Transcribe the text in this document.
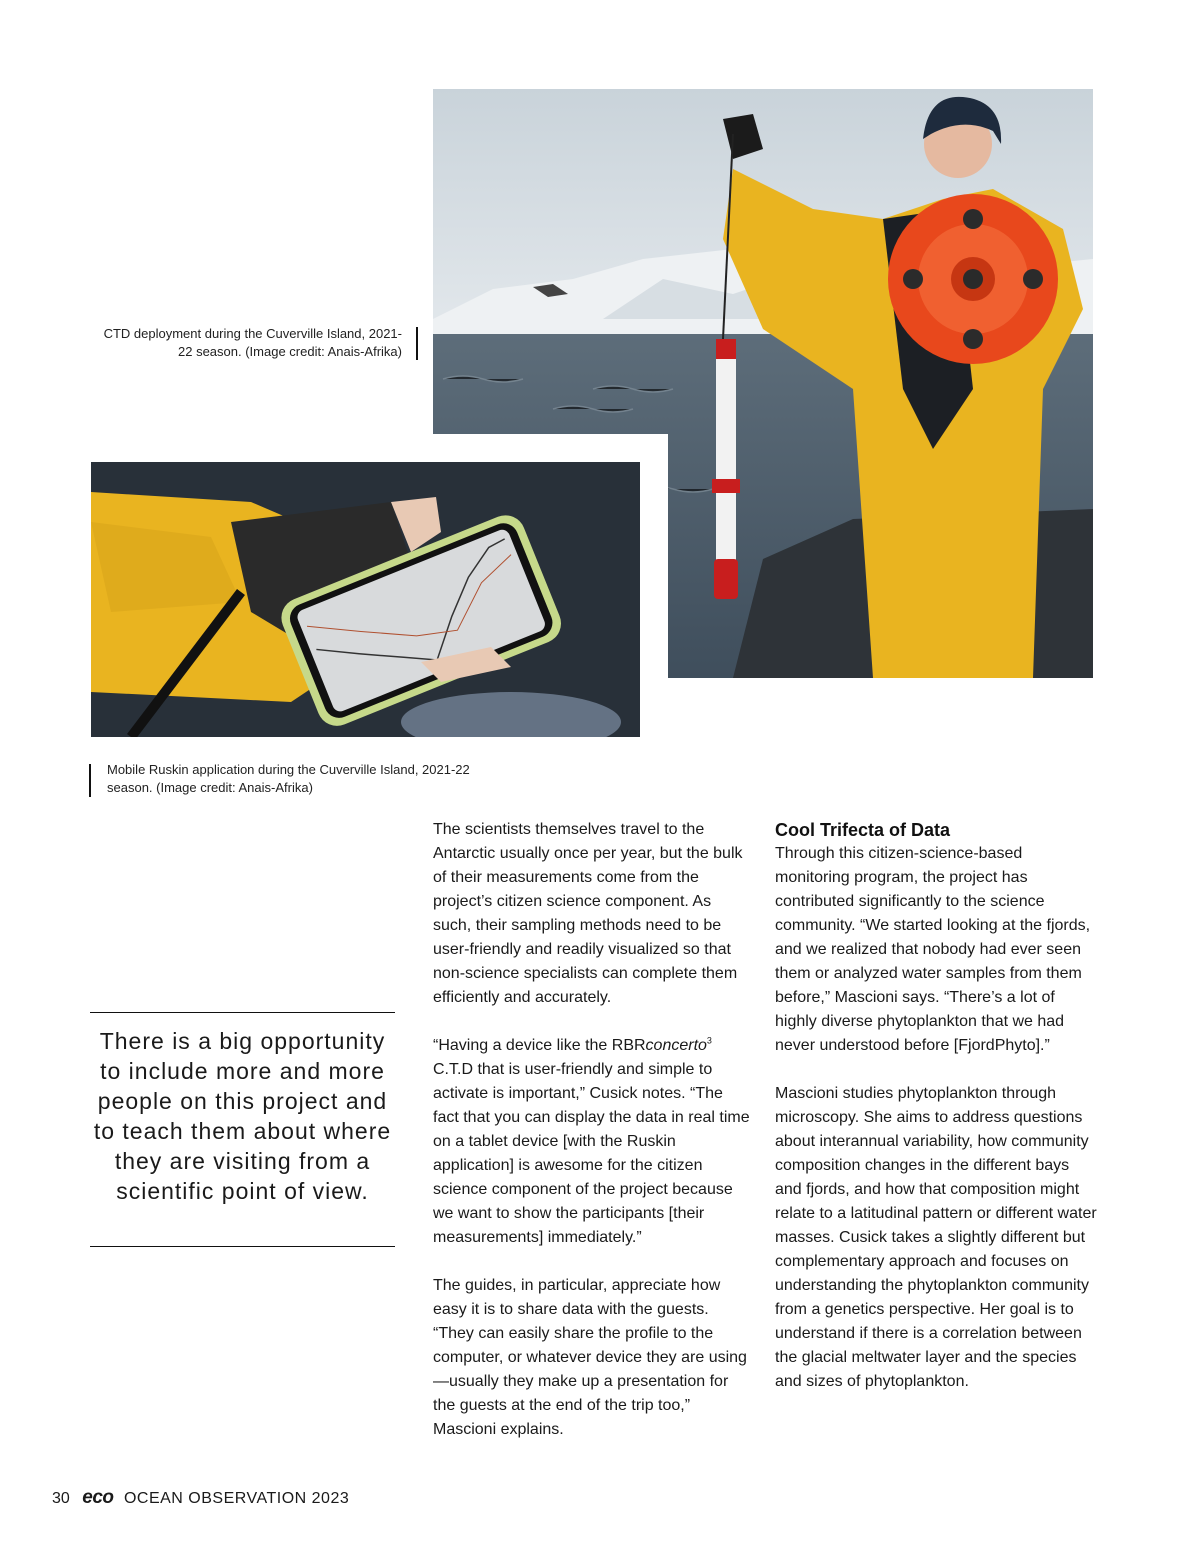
CTD deployment during the Cuverville Island, 2021-22 season. (Image credit: Anais-Afrika)
Mobile Ruskin application during the Cuverville Island, 2021-22 season. (Image credit: Anais-Afrika)
There is a big opportunity to include more and more people on this project and to teach them about where they are visiting from a scientific point of view.

The scientists themselves travel to the Antarctic usually once per year, but the bulk of their measurements come from the project’s citizen science component. As such, their sampling methods need to be user-friendly and readily visualized so that non-science specialists can complete them efficiently and accurately.

“Having a device like the RBRconcerto$^3$ C.T.D that is user-friendly and simple to activate is important,” Cusick notes. “The fact that you can display the data in real time on a tablet device [with the Ruskin application] is awesome for the citizen science component of the project because we want to show the participants [their measurements] immediately.”

The guides, in particular, appreciate how easy it is to share data with the guests. “They can easily share the profile to the computer, or whatever device they are using—usually they make up a presentation for the guests at the end of the trip too,” Mascioni explains.

Cool Trifecta of Data

Through this citizen-science-based monitoring program, the project has contributed significantly to the science community. “We started looking at the fjords, and we realized that nobody had ever seen them or analyzed water samples from them before,” Mascioni says. “There’s a lot of highly diverse phytoplankton that we had never understood before [FjordPhyto].”

Mascioni studies phytoplankton through microscopy. She aims to address questions about interannual variability, how community composition changes in the different bays and fjords, and how that composition might relate to a latitudinal pattern or different water masses. Cusick takes a slightly different but complementary approach and focuses on understanding the phytoplankton community from a genetics perspective. Her goal is to understand if there is a correlation between the glacial meltwater layer and the species and sizes of phytoplankton.

30 eco OCEAN OBSERVATION 2023
